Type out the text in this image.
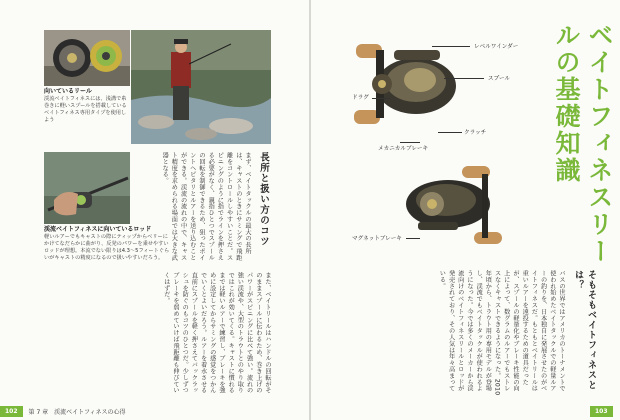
向いているリール
渓流ベイトフィネスには、浅溝で糸巻きに軽いスプールを搭載しているベイトフィネス専用タイプを使用しよう
渓流ベイトフィネスに向いているロッド
軽いルアーでもキャストの際にティップからベリーにかけてなだらかに曲がり、反発のパワーを乗せやすいロッドが理想。本流でない限りは4.3～5フィートぐらいがキャストの精度になるので扱いやすいだろう。
長所と扱い方のコツ
まず、ベイトタックルの最大の長所は、キャストのときにサミングで飛距離をコントロールしやすいことだ。スピニングのように指でラインを押さえる必要がなく、親指ひとつでスプールの回転を制御できるため、狙ったポイントへピタリとルアーを送り込むことができる。渓流の流れの中で、キャスト精度を求められる場面では大きな武器となる。
また、ベイトリールはハンドルの回転がそのままスプールに伝わるため、巻き上げのパワーがスピニングに比べて強い。流れの強い渓流や、大型のトラウトとのやり取りではこれが効いてくる。キャストに慣れるまでは軽いルアーで練習し、ブレーキを強めに設定してからサミングの感覚をつかんでいくとよいだろう。ルアーを着水させる直前にスプールを軽く押さえてバックラッシュを防ぐのもコツのひとつだ。少しずつブレーキを弱めていけば飛距離も伸びていくはずだ。
ベイトフィネスリールの基礎知識
レベルワインダー
スプール
ドラグ
クラッチ
メカニカルブレーキ
マグネットブレーキ
そもそもベイトフィネスとは？
バスの世界ではアメリカのトーナメントで使われ始めたベイトタックルでの軽量ルアーの釣りを、日本独自に発展させたのがベイトフィネスだ。もともとベイトリールは重いルアーを遠投するための道具だったが、スプールの軽量化やブレーキ性能の向上によって、数グラムのルアーでもストレスなくキャストできるようになった。2010年頃から、トラウト用の専用モデルが登場し、渓流でもベイトタックルが使われるようになった。今では多くのメーカーから渓流向けのベイトフィネスリールとロッドが発売されており、その人気は年々高まっている。
102	第 7 章　渓流ベイトフィネスの心得	103
